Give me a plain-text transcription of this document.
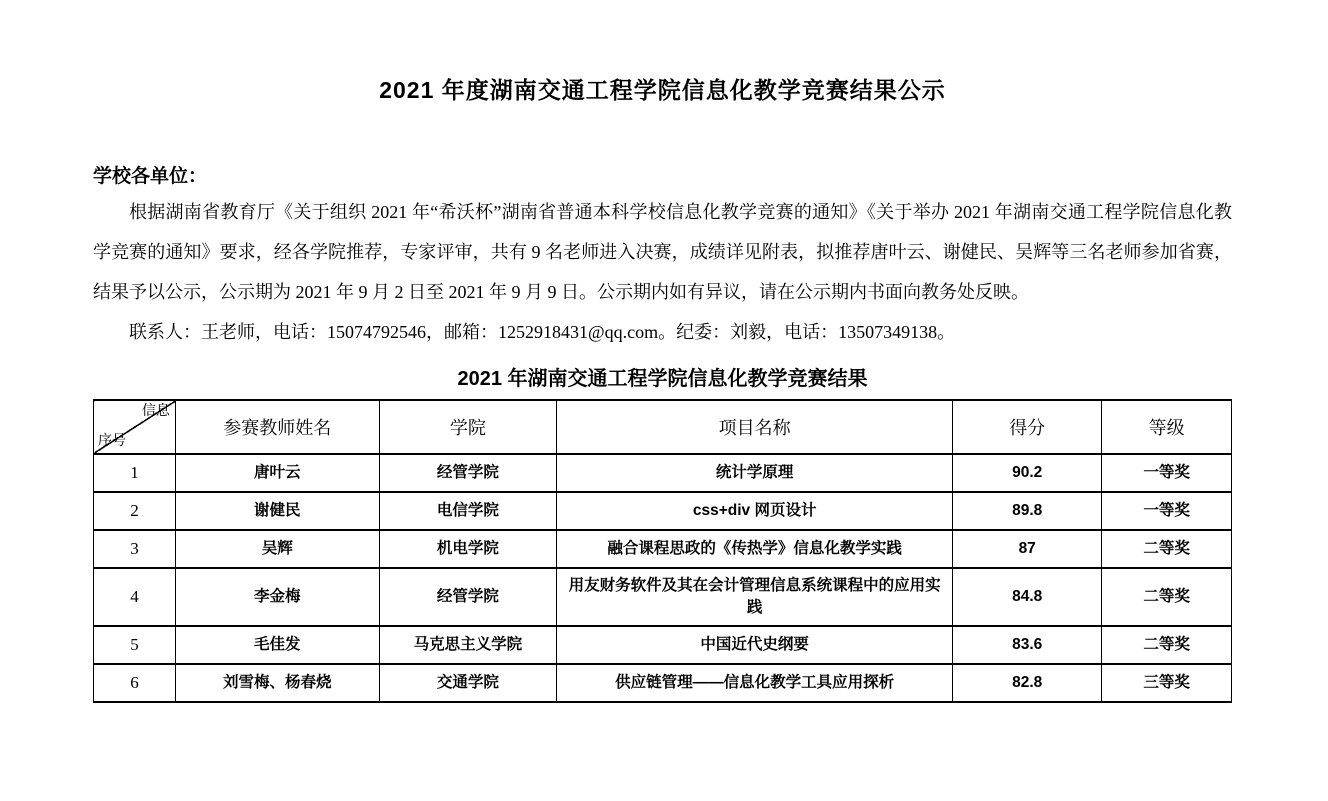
2021 年度湖南交通工程学院信息化教学竞赛结果公示

学校各单位：

根据湖南省教育厅《关于组织 2021 年“希沃杯”湖南省普通本科学校信息化教学竞赛的通知》《关于举办 2021 年湖南交通工程学院信息化教学竞赛的通知》要求，经各学院推荐，专家评审，共有 9 名老师进入决赛，成绩详见附表，拟推荐唐叶云、谢健民、吴辉等三名老师参加省赛，结果予以公示，公示期为 2021 年 9 月 2 日至 2021 年 9 月 9 日。公示期内如有异议，请在公示期内书面向教务处反映。

联系人：王老师，电话：15074792546，邮箱：1252918431@qq.com。纪委：刘毅，电话：13507349138。

2021 年湖南交通工程学院信息化教学竞赛结果
信息
序号	参赛教师姓名	学院	项目名称	得分	等级
1	唐叶云	经管学院	统计学原理	90.2	一等奖
2	谢健民	电信学院	css+div 网页设计	89.8	一等奖
3	吴辉	机电学院	融合课程思政的《传热学》信息化教学实践	87	二等奖
4	李金梅	经管学院	用友财务软件及其在会计管理信息系统课程中的应用实践	84.8	二等奖
5	毛佳发	马克思主义学院	中国近代史纲要	83.6	二等奖
6	刘雪梅、杨春烧	交通学院	供应链管理——信息化教学工具应用探析	82.8	三等奖
